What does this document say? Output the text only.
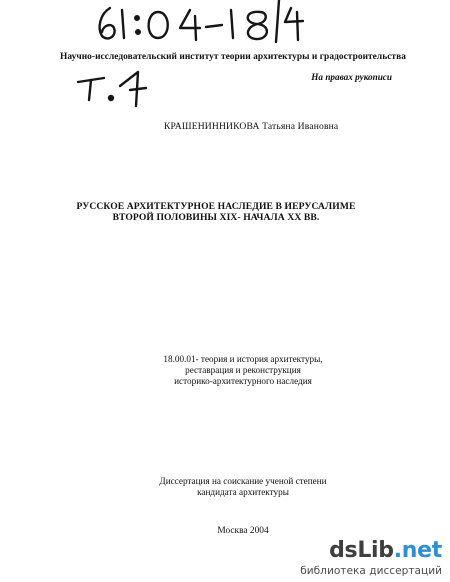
Научно-исследовательский институт теории архитектуры и градостроительства
На правах рукописи
КРАШЕНИННИКОВА Татьяна Ивановна
РУССКОЕ АРХИТЕКТУРНОЕ НАСЛЕДИЕ В ИЕРУСАЛИМЕ
ВТОРОЙ ПОЛОВИНЫ XIX- НАЧАЛА XX ВВ.
18.00.01- теория и история архитектуры,
реставрация и реконструкция
историко-архитектурного наследия
Диссертация на соискание ученой степени
кандидата архитектуры
Москва 2004
dsLib.net
библиотека диссертаций
